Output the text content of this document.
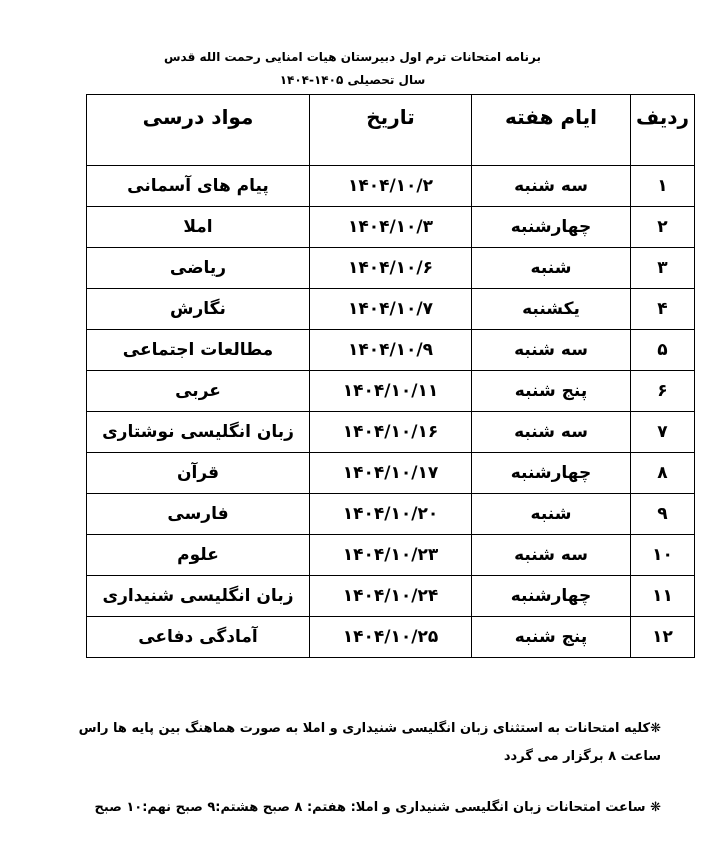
برنامه امتحانات ترم اول دبیرستان هیات امنایی رحمت الله قدس
سال تحصیلی ۱۴۰۵-۱۴۰۴
ردیف	ایام هفته	تاریخ	مواد درسی
۱	سه شنبه	۱۴۰۴/۱۰/۲	پیام های آسمانی
۲	چهارشنبه	۱۴۰۴/۱۰/۳	املا
۳	شنبه	۱۴۰۴/۱۰/۶	ریاضی
۴	یکشنبه	۱۴۰۴/۱۰/۷	نگارش
۵	سه شنبه	۱۴۰۴/۱۰/۹	مطالعات اجتماعی
۶	پنج شنبه	۱۴۰۴/۱۰/۱۱	عربی
۷	سه شنبه	۱۴۰۴/۱۰/۱۶	زبان انگلیسی نوشتاری
۸	چهارشنبه	۱۴۰۴/۱۰/۱۷	قرآن
۹	شنبه	۱۴۰۴/۱۰/۲۰	فارسی
۱۰	سه شنبه	۱۴۰۴/۱۰/۲۳	علوم
۱۱	چهارشنبه	۱۴۰۴/۱۰/۲۴	زبان انگلیسی شنیداری
۱۲	پنج شنبه	۱۴۰۴/۱۰/۲۵	آمادگی دفاعی
❋کلیه امتحانات به استثنای زبان انگلیسی شنیداری و املا به صورت هماهنگ بین پایه ها راس ساعت ۸ برگزار می گردد
❋ ساعت امتحانات زبان انگلیسی شنیداری و املا: هفتم: ۸ صبح هشتم:۹ صبح نهم:۱۰ صبح
